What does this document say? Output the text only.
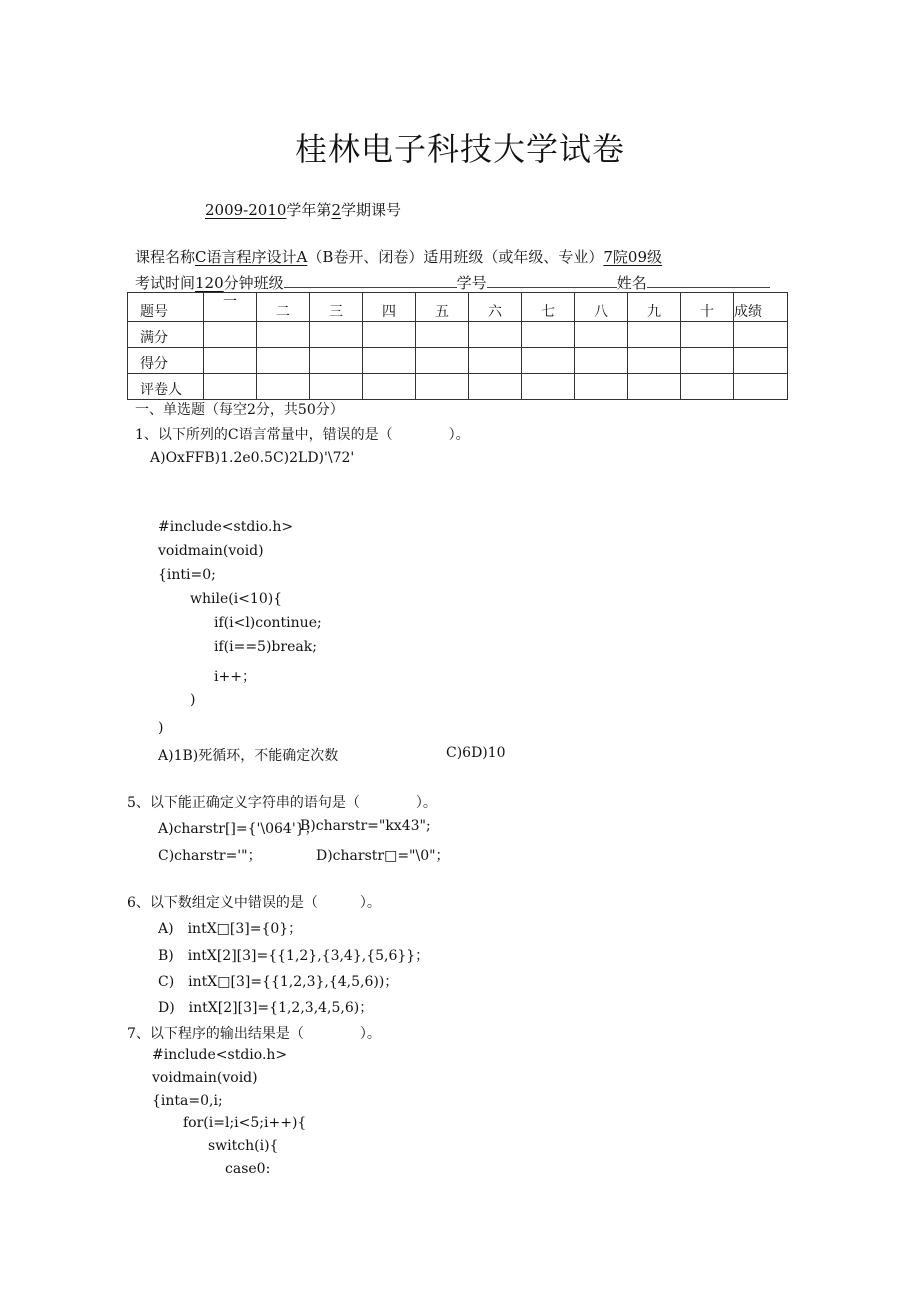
桂林电子科技大学试卷
2009-2010学年第2学期课号
课程名称C语言程序设计A（B卷开、闭卷）适用班级（或年级、专业）7院09级
考试时间120分钟班级	学号	姓名
题号	一	二	三	四	五	六	七	八	九	十	成绩
满分											
得分											
评卷人											
一、单选题（每空2分，共50分）
1、以下所列的C语言常量中，错误的是（　　　　）。
A)OxFFB)1.2e0.5C)2LD)'\72'
#include<stdio.h>
voidmain(void)
{inti=0;
while(i<10){
if(i<l)continue;
if(i==5)break;
i++；
)
)
A)1B)死循环，不能确定次数	C)6D)10
5、以下能正确定义字符串的语句是（　　　　）。
A)charstr[]={'\064'}；
B)charstr="kx43";
C)charstr='"；	D)charstr□="\0"；
6、以下数组定义中错误的是（　　　）。
A)　intX□[3]={0}；
B)　intX[2][3]={{1,2},{3,4},{5,6}}；
C)　intX□[3]={{1,2,3},{4,5,6))；
D)　intX[2][3]={1,2,3,4,5,6)；
7、以下程序的输出结果是（　　　　）。
#include<stdio.h>
voidmain(void)
{inta=0,i;
for(i=l;i<5;i++){
switch(i){
case0:
